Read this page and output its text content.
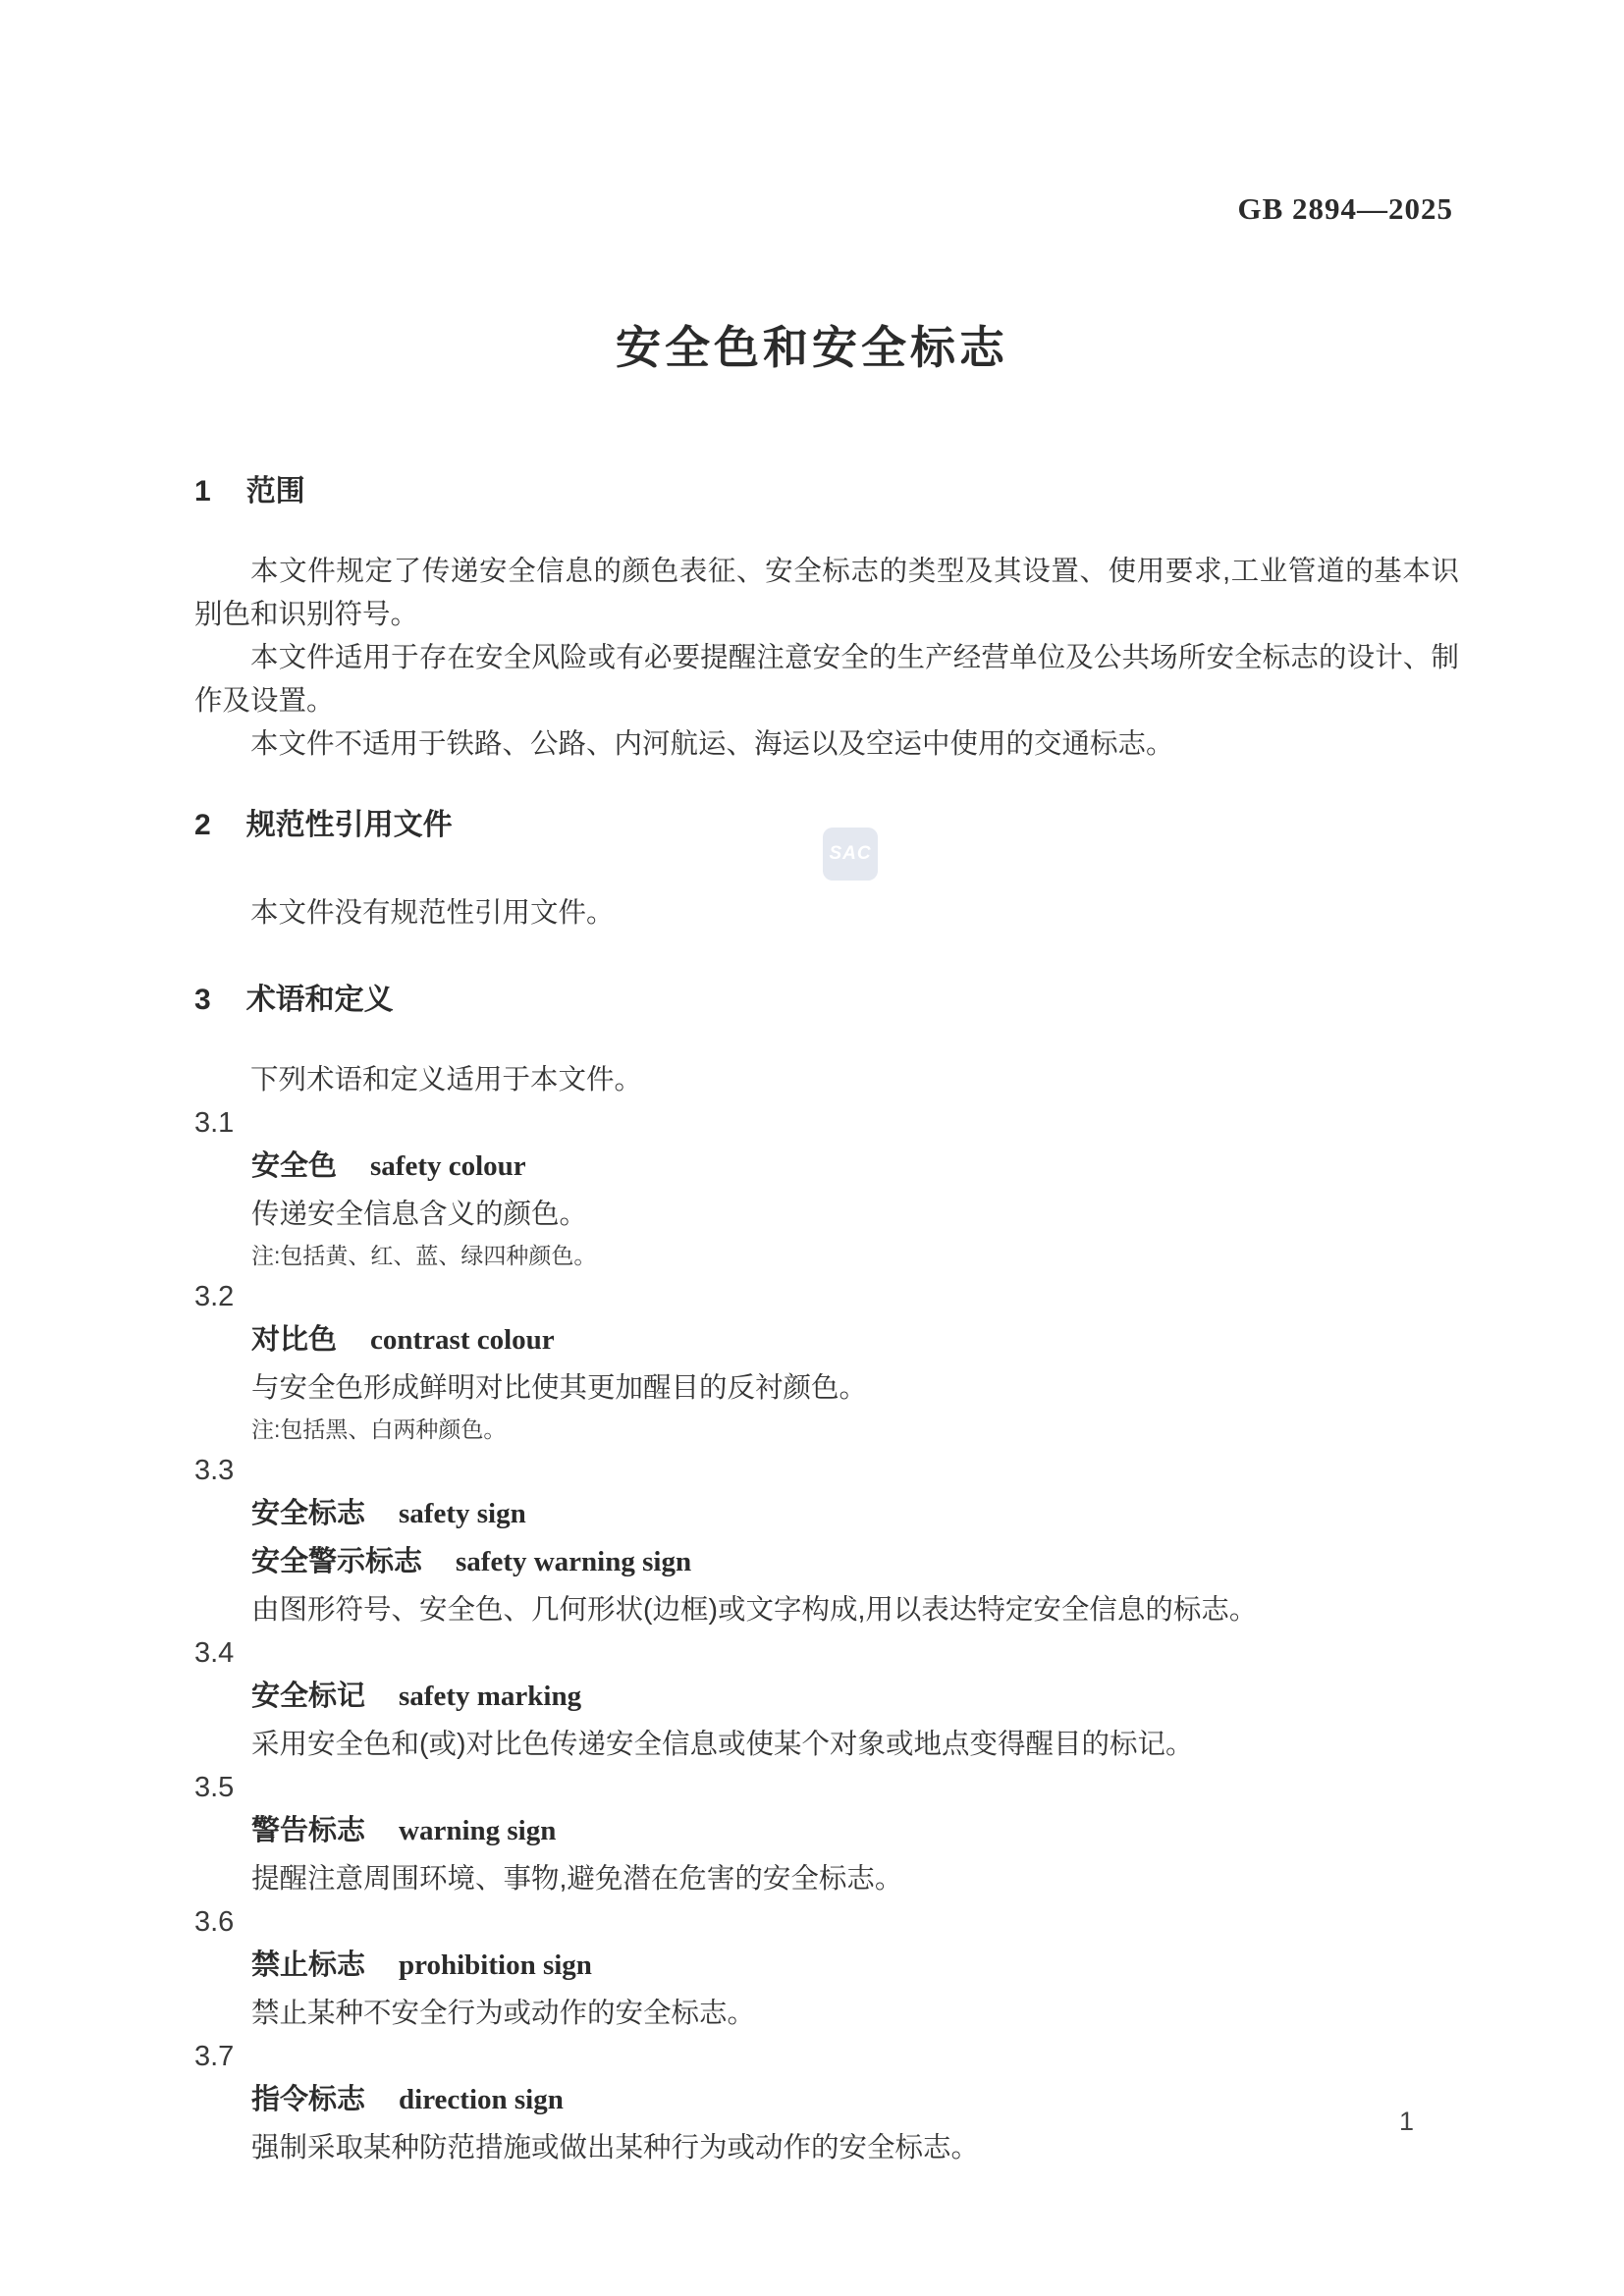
GB 2894—2025
安全色和安全标志
SAC
1 范围

本文件规定了传递安全信息的颜色表征、安全标志的类型及其设置、使用要求,工业管道的基本识别色和识别符号。

本文件适用于存在安全风险或有必要提醒注意安全的生产经营单位及公共场所安全标志的设计、制作及设置。

本文件不适用于铁路、公路、内河航运、海运以及空运中使用的交通标志。

2 规范性引用文件

本文件没有规范性引用文件。

3 术语和定义

下列术语和定义适用于本文件。

3.1
安全色 safety colour
传递安全信息含义的颜色。
注:包括黄、红、蓝、绿四种颜色。
3.2
对比色 contrast colour
与安全色形成鲜明对比使其更加醒目的反衬颜色。
注:包括黑、白两种颜色。
3.3
安全标志 safety sign
安全警示标志 safety warning sign
由图形符号、安全色、几何形状(边框)或文字构成,用以表达特定安全信息的标志。
3.4
安全标记 safety marking
采用安全色和(或)对比色传递安全信息或使某个对象或地点变得醒目的标记。
3.5
警告标志 warning sign
提醒注意周围环境、事物,避免潜在危害的安全标志。
3.6
禁止标志 prohibition sign
禁止某种不安全行为或动作的安全标志。
3.7
指令标志 direction sign
强制采取某种防范措施或做出某种行为或动作的安全标志。
1
